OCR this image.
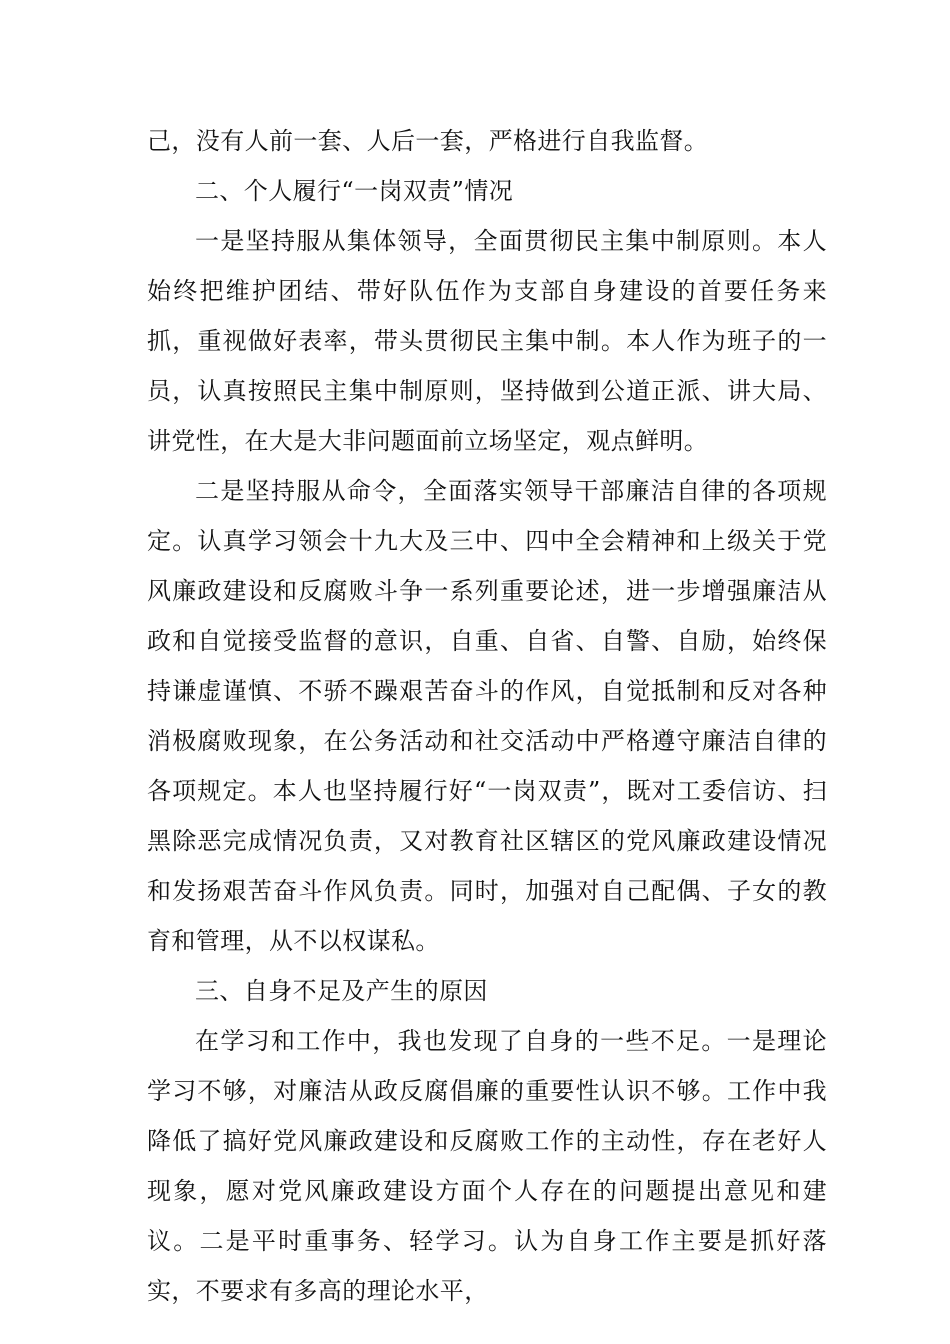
己，没有人前一套、人后一套，严格进行自我监督。

二、个人履行“一岗双责”情况

一是坚持服从集体领导，全面贯彻民主集中制原则。本人始终把维护团结、带好队伍作为支部自身建设的首要任务来抓，重视做好表率，带头贯彻民主集中制。本人作为班子的一员，认真按照民主集中制原则，坚持做到公道正派、讲大局、讲党性，在大是大非问题面前立场坚定，观点鲜明。

二是坚持服从命令，全面落实领导干部廉洁自律的各项规定。认真学习领会十九大及三中、四中全会精神和上级关于党风廉政建设和反腐败斗争一系列重要论述，进一步增强廉洁从政和自觉接受监督的意识，自重、自省、自警、自励，始终保持谦虚谨慎、不骄不躁艰苦奋斗的作风，自觉抵制和反对各种消极腐败现象，在公务活动和社交活动中严格遵守廉洁自律的各项规定。本人也坚持履行好“一岗双责”，既对工委信访、扫黑除恶完成情况负责，又对教育社区辖区的党风廉政建设情况和发扬艰苦奋斗作风负责。同时，加强对自己配偶、子女的教育和管理，从不以权谋私。

三、自身不足及产生的原因

在学习和工作中，我也发现了自身的一些不足。一是理论学习不够，对廉洁从政反腐倡廉的重要性认识不够。工作中我降低了搞好党风廉政建设和反腐败工作的主动性，存在老好人现象，愿对党风廉政建设方面个人存在的问题提出意见和建议。二是平时重事务、轻学习。认为自身工作主要是抓好落实，不要求有多高的理论水平，
